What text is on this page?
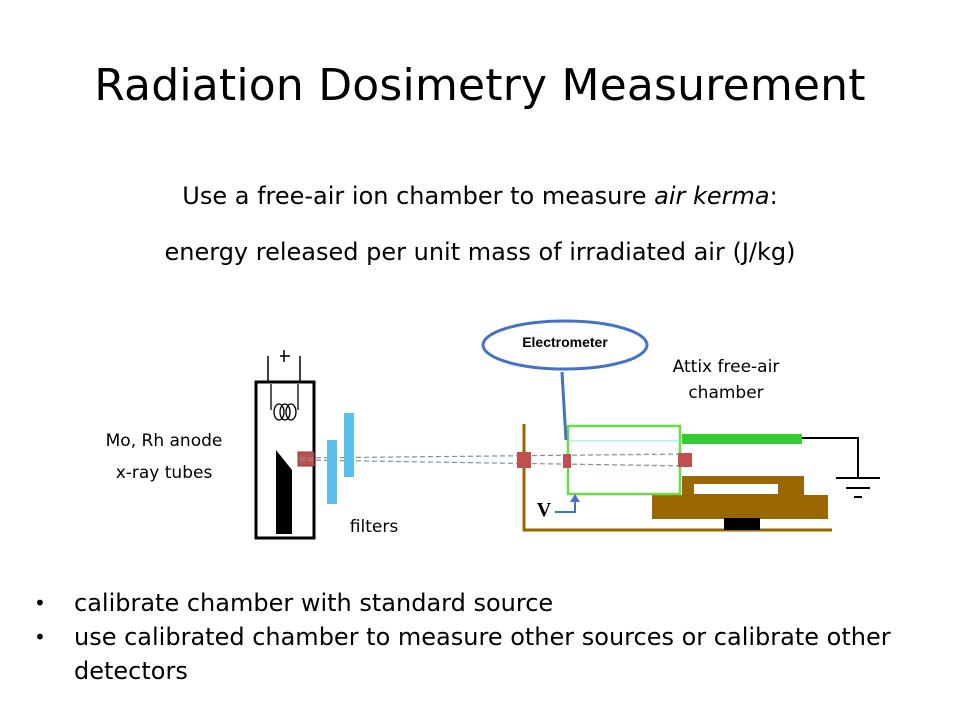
Radiation Dosimetry Measurement
Use a free-air ion chamber to measure air kerma:
energy released per unit mass of irradiated air (J/kg)
Electrometer
V
Mo, Rh anode
x-ray tubes
filters
Attix free-air
chamber
• calibrate chamber with standard source
• use calibrated chamber to measure other sources or calibrate other detectors
